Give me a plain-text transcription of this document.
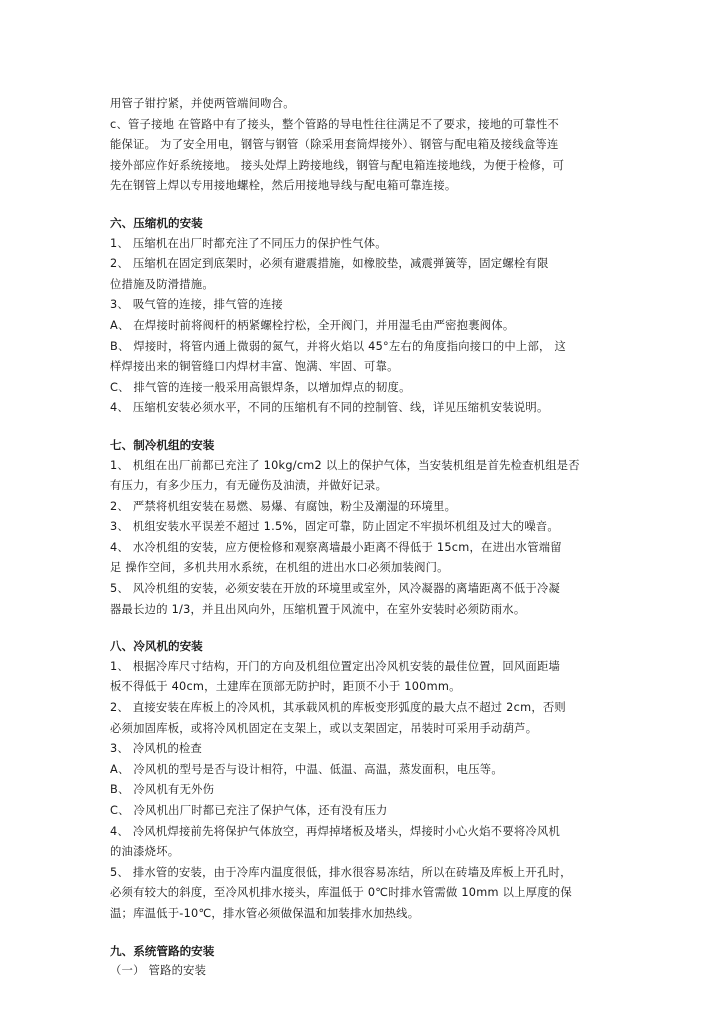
用管子钳拧紧，并使两管端间吻合。
c、管子接地 在管路中有了接头，整个管路的导电性往往满足不了要求，接地的可靠性不
能保证。 为了安全用电，钢管与钢管（除采用套筒焊接外）、钢管与配电箱及接线盒等连
接外部应作好系统接地。 接头处焊上跨接地线，钢管与配电箱连接地线，为便于检修，可
先在钢管上焊以专用接地螺栓，然后用接地导线与配电箱可靠连接。
六、压缩机的安装
1、 压缩机在出厂时都充注了不同压力的保护性气体。
2、 压缩机在固定到底架时，必须有避震措施，如橡胶垫，减震弹簧等，固定螺栓有限
位措施及防滑措施。
3、 吸气管的连接，排气管的连接
A、 在焊接时前将阀杆的柄紧螺栓拧松，全开阀门，并用湿毛由严密抱裹阀体。
B、 焊接时，将管内通上微弱的氮气，并将火焰以 45°左右的角度指向接口的中上部， 这
样焊接出来的铜管缝口内焊材丰富、饱满、牢固、可靠。
C、 排气管的连接一般采用高银焊条，以增加焊点的韧度。
4、 压缩机安装必须水平，不同的压缩机有不同的控制管、线，详见压缩机安装说明。
七、制冷机组的安装
1、 机组在出厂前都已充注了 10kg/cm2 以上的保护气体，当安装机组是首先检查机组是否
有压力，有多少压力，有无碰伤及油渍，并做好记录。
2、 严禁将机组安装在易燃、易爆、有腐蚀，粉尘及潮湿的环境里。
3、 机组安装水平误差不超过 1.5%，固定可靠，防止固定不牢损坏机组及过大的噪音。
4、 水冷机组的安装，应方便检修和观察离墙最小距离不得低于 15cm，在进出水管端留
足 操作空间，多机共用水系统，在机组的进出水口必须加装阀门。
5、 风冷机组的安装，必须安装在开放的环境里或室外，风冷凝器的离墙距离不低于冷凝
器最长边的 1/3，并且出风向外，压缩机置于风流中，在室外安装时必须防雨水。
八、冷风机的安装
1、 根据冷库尺寸结构，开门的方向及机组位置定出冷风机安装的最佳位置，回风面距墙
板不得低于 40cm，土建库在顶部无防护时，距顶不小于 100mm。
2、 直接安装在库板上的冷风机，其承载风机的库板变形弧度的最大点不超过 2cm，否则
必须加固库板，或将冷风机固定在支架上，或以支架固定，吊装时可采用手动葫芦。
3、 冷风机的检查
A、 冷风机的型号是否与设计相符，中温、低温、高温，蒸发面积，电压等。
B、 冷风机有无外伤
C、 冷风机出厂时都已充注了保护气体，还有没有压力
4、 冷风机焊接前先将保护气体放空，再焊掉堵板及堵头，焊接时小心火焰不要将冷风机
的油漆烧坏。
5、 排水管的安装，由于冷库内温度很低，排水很容易冻结，所以在砖墙及库板上开孔时，
必须有较大的斜度，至冷风机排水接头，库温低于 0℃时排水管需做 10mm 以上厚度的保
温；库温低于-10℃，排水管必须做保温和加装排水加热线。
九、系统管路的安装
（一） 管路的安装
